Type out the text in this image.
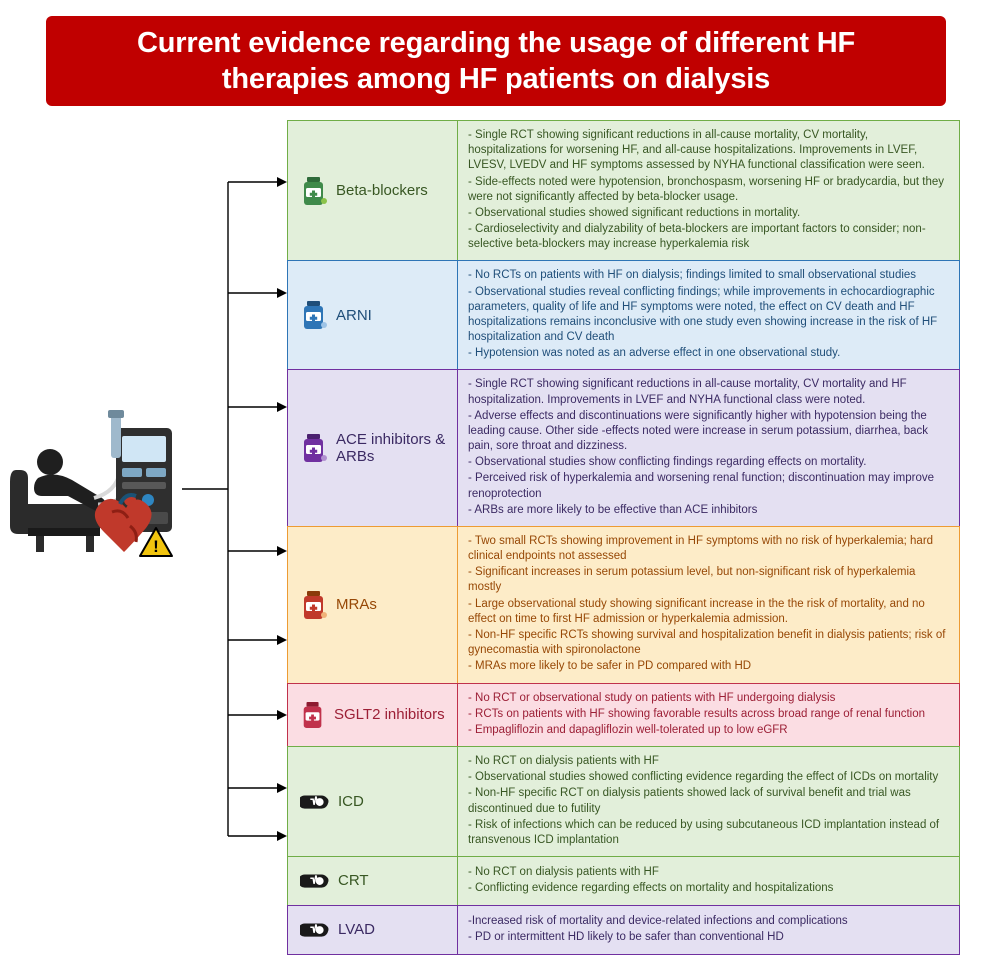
Current evidence regarding the usage of different HF therapies among HF patients on dialysis
!
Beta-blockers

- Single RCT showing significant reductions in all-cause mortality, CV mortality, hospitalizations for worsening HF, and all-cause hospitalizations. Improvements in LVEF, LVESV, LVEDV and HF symptoms assessed by NYHA functional classification were seen.

- Side-effects noted were hypotension, bronchospasm, worsening HF or bradycardia, but they were not significantly affected by beta-blocker usage.

- Observational studies showed significant reductions in mortality.

- Cardioselectivity and dialyzability of beta-blockers are important factors to consider; non-selective beta-blockers may increase hyperkalemia risk

ARNI

- No RCTs on patients with HF on dialysis; findings limited to small observational studies

- Observational studies reveal conflicting findings; while improvements in echocardiographic parameters, quality of life and HF symptoms were noted, the effect on CV death and HF hospitalizations remains inconclusive with one study even showing increase in the risk of HF hospitalization and CV death

- Hypotension was noted as an adverse effect in one observational study.

ACE inhibitors & ARBs

- Single RCT showing significant reductions in all-cause mortality, CV mortality and HF hospitalization. Improvements in LVEF and NYHA functional class were noted.

- Adverse effects and discontinuations were significantly higher with hypotension being the leading cause. Other side -effects noted were increase in serum potassium, diarrhea, back pain, sore throat and dizziness.

- Observational studies show conflicting findings regarding effects on mortality.

- Perceived risk of hyperkalemia and worsening renal function; discontinuation may improve renoprotection

- ARBs are more likely to be effective than ACE inhibitors

MRAs

- Two small RCTs showing improvement in HF symptoms with no risk of hyperkalemia; hard clinical endpoints not assessed

- Significant increases in serum potassium level, but non-significant risk of hyperkalemia mostly

- Large observational study showing significant increase in the the risk of mortality, and no effect on time to first HF admission or hyperkalemia admission.

- Non-HF specific RCTs showing survival and hospitalization benefit in dialysis patients; risk of gynecomastia with spironolactone

- MRAs more likely to be safer in PD compared with HD

SGLT2 inhibitors

- No RCT or observational study on patients with HF undergoing dialysis

- RCTs on patients with HF showing favorable results across broad range of renal function

- Empagliflozin and dapagliflozin well-tolerated up to low eGFR

ICD

- No RCT on dialysis patients with HF

- Observational studies showed conflicting evidence regarding the effect of ICDs on mortality

- Non-HF specific RCT on dialysis patients showed lack of survival benefit and trial was discontinued due to futility

- Risk of infections which can be reduced by using subcutaneous ICD implantation instead of transvenous ICD implantation

CRT

- No RCT on dialysis patients with HF

- Conflicting evidence regarding effects on mortality and hospitalizations

LVAD

-Increased risk of mortality and device-related infections and complications

- PD or intermittent HD likely to be safer than conventional HD
